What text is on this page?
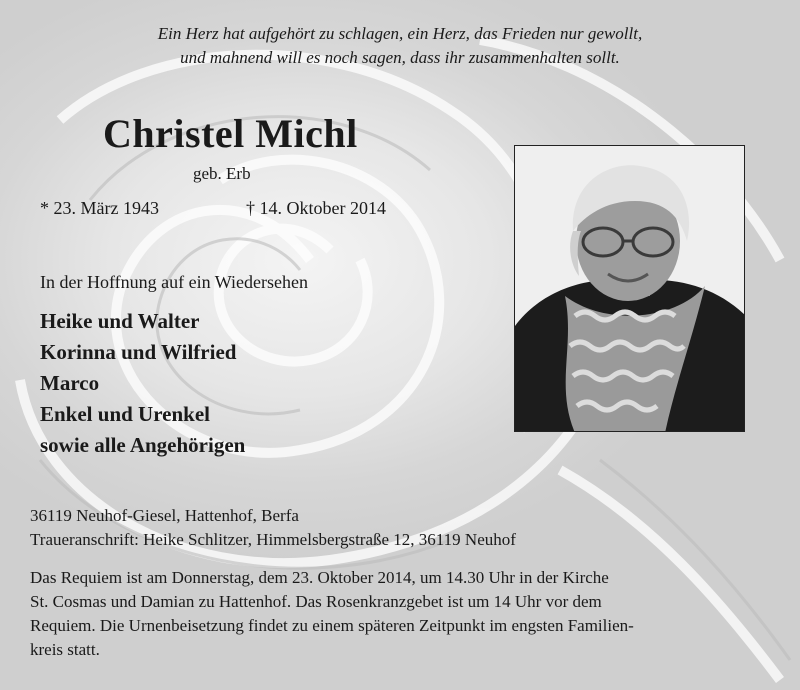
Ein Herz hat aufgehört zu schlagen, ein Herz, das Frieden nur gewollt,
und mahnend will es noch sagen, dass ihr zusammenhalten sollt.
Christel Michl
geb. Erb
* 23. März 1943	† 14. Oktober 2014
In der Hoffnung auf ein Wiedersehen
Heike und Walter
Korinna und Wilfried
Marco
Enkel und Urenkel
sowie alle Angehörigen
36119 Neuhof-Giesel, Hattenhof, Berfa
Traueranschrift: Heike Schlitzer, Himmelsbergstraße 12, 36119 Neuhof
Das Requiem ist am Donnerstag, dem 23. Oktober 2014, um 14.30 Uhr in der Kirche
St. Cosmas und Damian zu Hattenhof. Das Rosenkranzgebet ist um 14 Uhr vor dem
Requiem. Die Urnenbeisetzung findet zu einem späteren Zeitpunkt im engsten Familien-
kreis statt.
